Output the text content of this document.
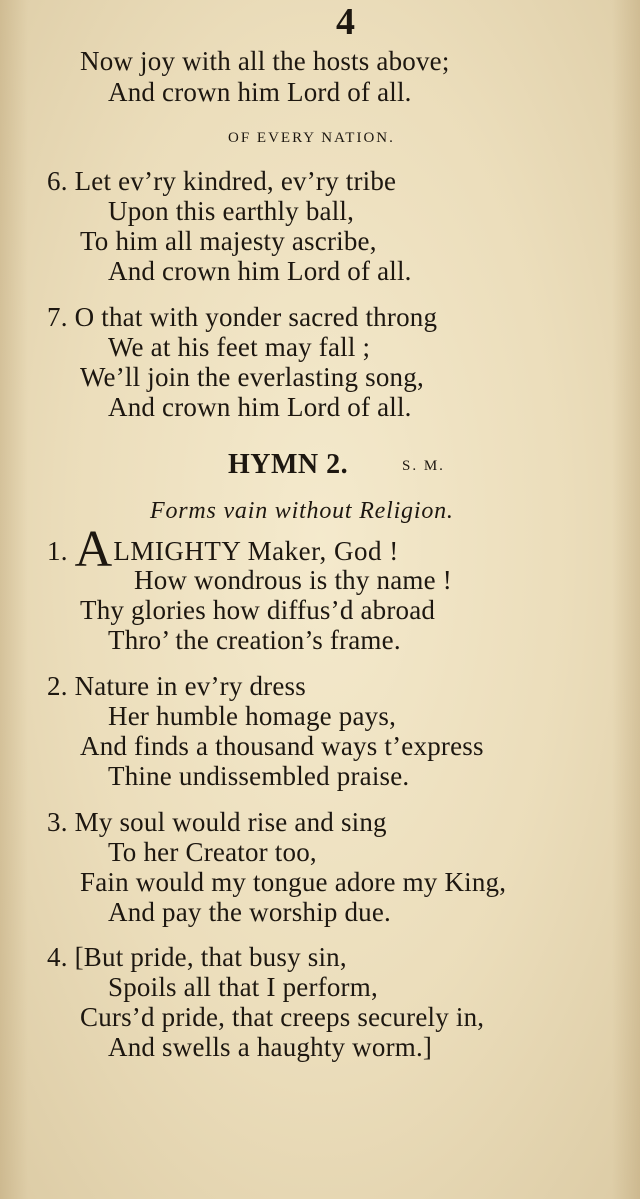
4
Now joy with all the hosts above;
And crown him Lord of all.
OF EVERY NATION.
6. Let ev’ry kindred, ev’ry tribe
Upon this earthly ball,
To him all majesty ascribe,
And crown him Lord of all.
7. O that with yonder sacred throng
We at his feet may fall ;
We’ll join the everlasting song,
And crown him Lord of all.
HYMN 2.	S. M.
Forms vain without Religion.
1. ALMIGHTY Maker, God !
How wondrous is thy name !
Thy glories how diffus’d abroad
Thro’ the creation’s frame.
2. Nature in ev’ry dress
Her humble homage pays,
And finds a thousand ways t’express
Thine undissembled praise.
3. My soul would rise and sing
To her Creator too,
Fain would my tongue adore my King,
And pay the worship due.
4. [But pride, that busy sin,
Spoils all that I perform,
Curs’d pride, that creeps securely in,
And swells a haughty worm.]
